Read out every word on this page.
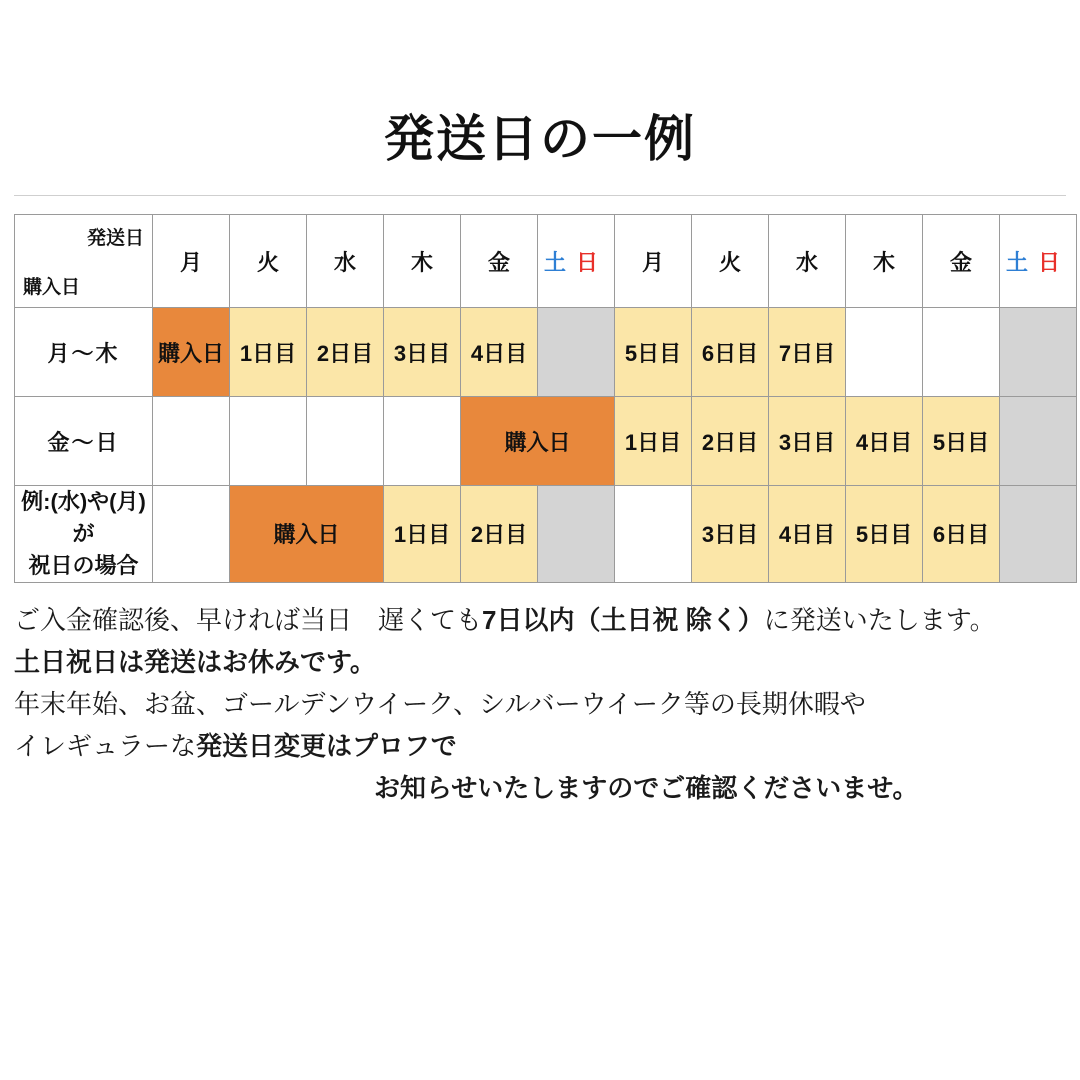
発送日の一例
発送日
購入日	月	火	水	木	金	土日	月	火	水	木	金	土日
月～木	購入日	1日目	2日目	3日目	4日目		5日目	6日目	7日目			
金～日					購入日		1日目	2日目	3日目	4日目	5日目	

例:(水)や(月)が
祝日の場合		購入日		1日目	2日目			3日目	4日目	5日目	6日目	
ご入金確認後、早ければ当日　遅くても7日以内（土日祝 除く）に発送いたします。
土日祝日は発送はお休みです。
年末年始、お盆、ゴールデンウイーク、シルバーウイーク等の長期休暇や
イレギュラーな発送日変更はプロフで
お知らせいたしますのでご確認くださいませ。
